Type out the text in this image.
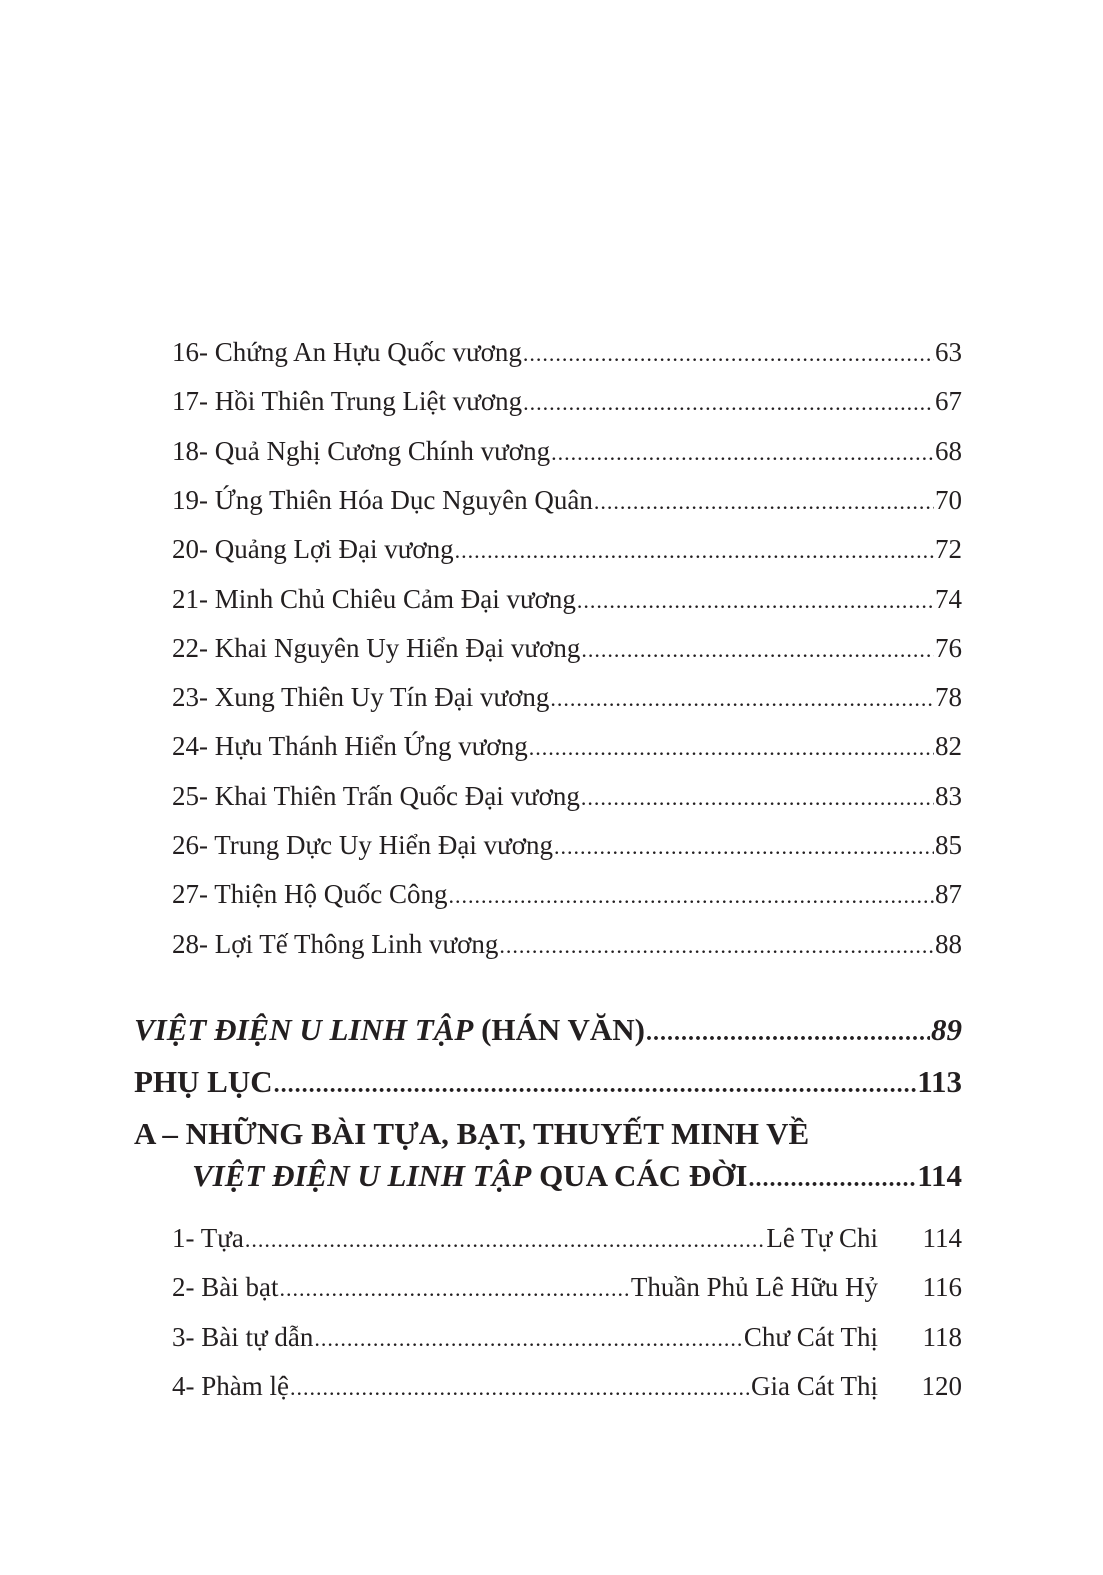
16- Chứng An Hựu Quốc vương .....	63
17- Hồi Thiên Trung Liệt vương .....	67
18- Quả Nghị Cương Chính vương .....	68
19- Ứng Thiên Hóa Dục Nguyên Quân .....	70
20- Quảng Lợi Đại vương .....	72
21- Minh Chủ Chiêu Cảm Đại vương .....	74
22- Khai Nguyên Uy Hiển Đại vương .....	76
23- Xung Thiên Uy Tín Đại vương .....	78
24- Hựu Thánh Hiển Ứng vương .....	82
25- Khai Thiên Trấn Quốc Đại vương .....	83
26- Trung Dực Uy Hiển Đại vương .....	85
27- Thiện Hộ Quốc Công .....	87
28- Lợi Tế Thông Linh vương .....	88
VIỆT ĐIỆN U LINH TẬP (HÁN VĂN) .....	89
PHỤ LỤC .....	113
A – NHỮNG BÀI TỰA, BẠT, THUYẾT MINH VỀ
VIỆT ĐIỆN U LINH TẬP QUA CÁC ĐỜI .....	114
1- Tựa .....	Lê Tự Chi	114
2- Bài bạt .....	Thuần Phủ Lê Hữu Hỷ	116
3- Bài tự dẫn .....	Chư Cát Thị	118
4- Phàm lệ .....	Gia Cát Thị	120
